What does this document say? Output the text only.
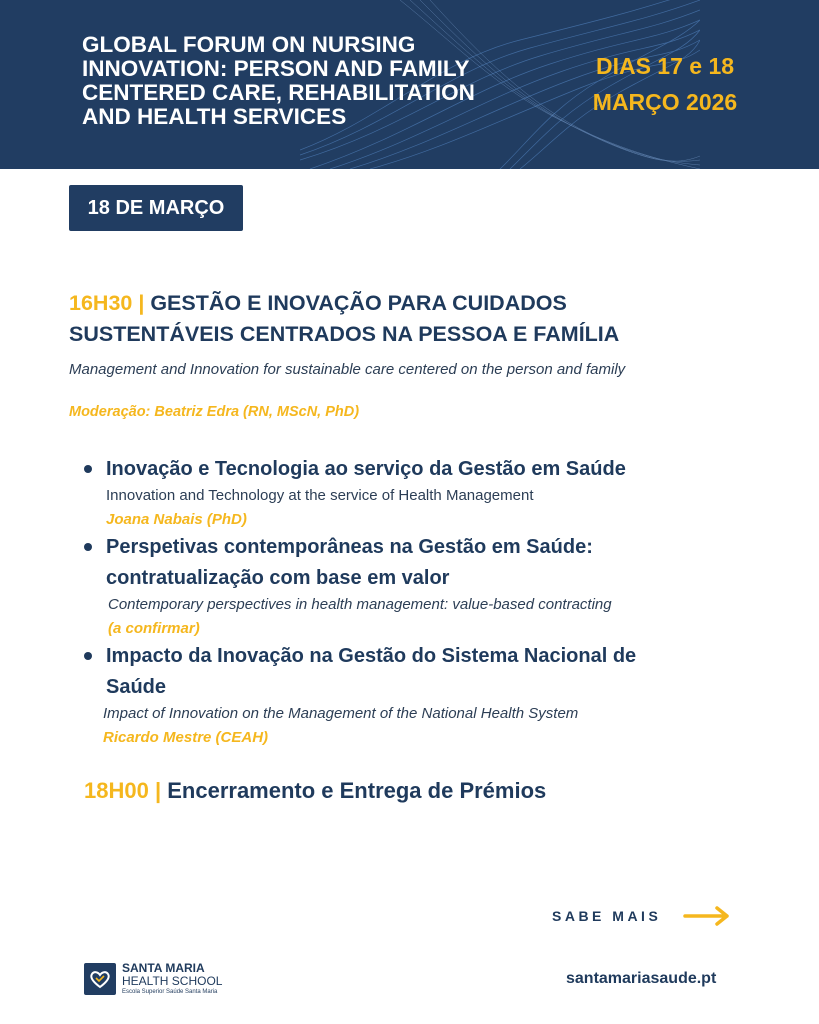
GLOBAL FORUM ON NURSING
INNOVATION: PERSON AND FAMILY
CENTERED CARE, REHABILITATION
AND HEALTH SERVICES
DIAS 17 e 18
MARÇO 2026
18 DE MARÇO
16H30 | GESTÃO E INOVAÇÃO PARA CUIDADOS
SUSTENTÁVEIS CENTRADOS NA PESSOA E FAMÍLIA
Management and Innovation for sustainable care centered on the person and family
Moderação: Beatriz Edra (RN, MScN, PhD)
Inovação e Tecnologia ao serviço da Gestão em Saúde
Innovation and Technology at the service of Health Management
Joana Nabais (PhD)
Perspetivas contemporâneas na Gestão em Saúde:
contratualização com base em valor
Contemporary perspectives in health management: value-based contracting
(a confirmar)
Impacto da Inovação na Gestão do Sistema Nacional de
Saúde
Impact of Innovation on the Management of the National Health System
Ricardo Mestre (CEAH)
18H00 | Encerramento e Entrega de Prémios
SABE MAIS
SANTA MARIA
HEALTH SCHOOL
Escola Superior Saúde Santa Maria
santamariasaude.pt
